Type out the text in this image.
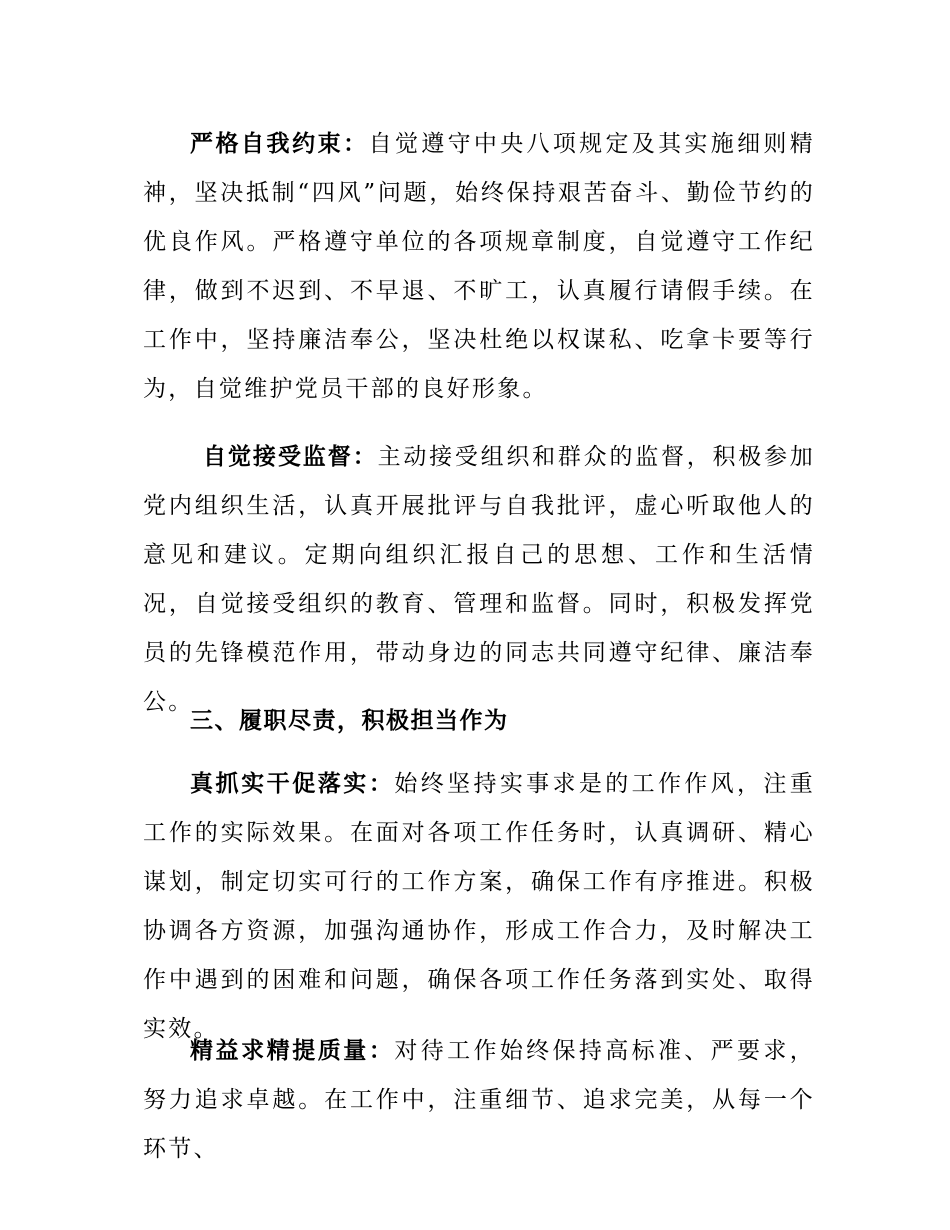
严格自我约束：自觉遵守中央八项规定及其实施细则精神，坚决抵制“四风”问题，始终保持艰苦奋斗、勤俭节约的优良作风。严格遵守单位的各项规章制度，自觉遵守工作纪律，做到不迟到、不早退、不旷工，认真履行请假手续。在工作中，坚持廉洁奉公，坚决杜绝以权谋私、吃拿卡要等行为，自觉维护党员干部的良好形象。

自觉接受监督：主动接受组织和群众的监督，积极参加党内组织生活，认真开展批评与自我批评，虚心听取他人的意见和建议。定期向组织汇报自己的思想、工作和生活情况，自觉接受组织的教育、管理和监督。同时，积极发挥党员的先锋模范作用，带动身边的同志共同遵守纪律、廉洁奉公。

三、履职尽责，积极担当作为

真抓实干促落实：始终坚持实事求是的工作作风，注重工作的实际效果。在面对各项工作任务时，认真调研、精心谋划，制定切实可行的工作方案，确保工作有序推进。积极协调各方资源，加强沟通协作，形成工作合力，及时解决工作中遇到的困难和问题，确保各项工作任务落到实处、取得实效。

精益求精提质量：对待工作始终保持高标准、严要求，努力追求卓越。在工作中，注重细节、追求完美，从每一个环节、
